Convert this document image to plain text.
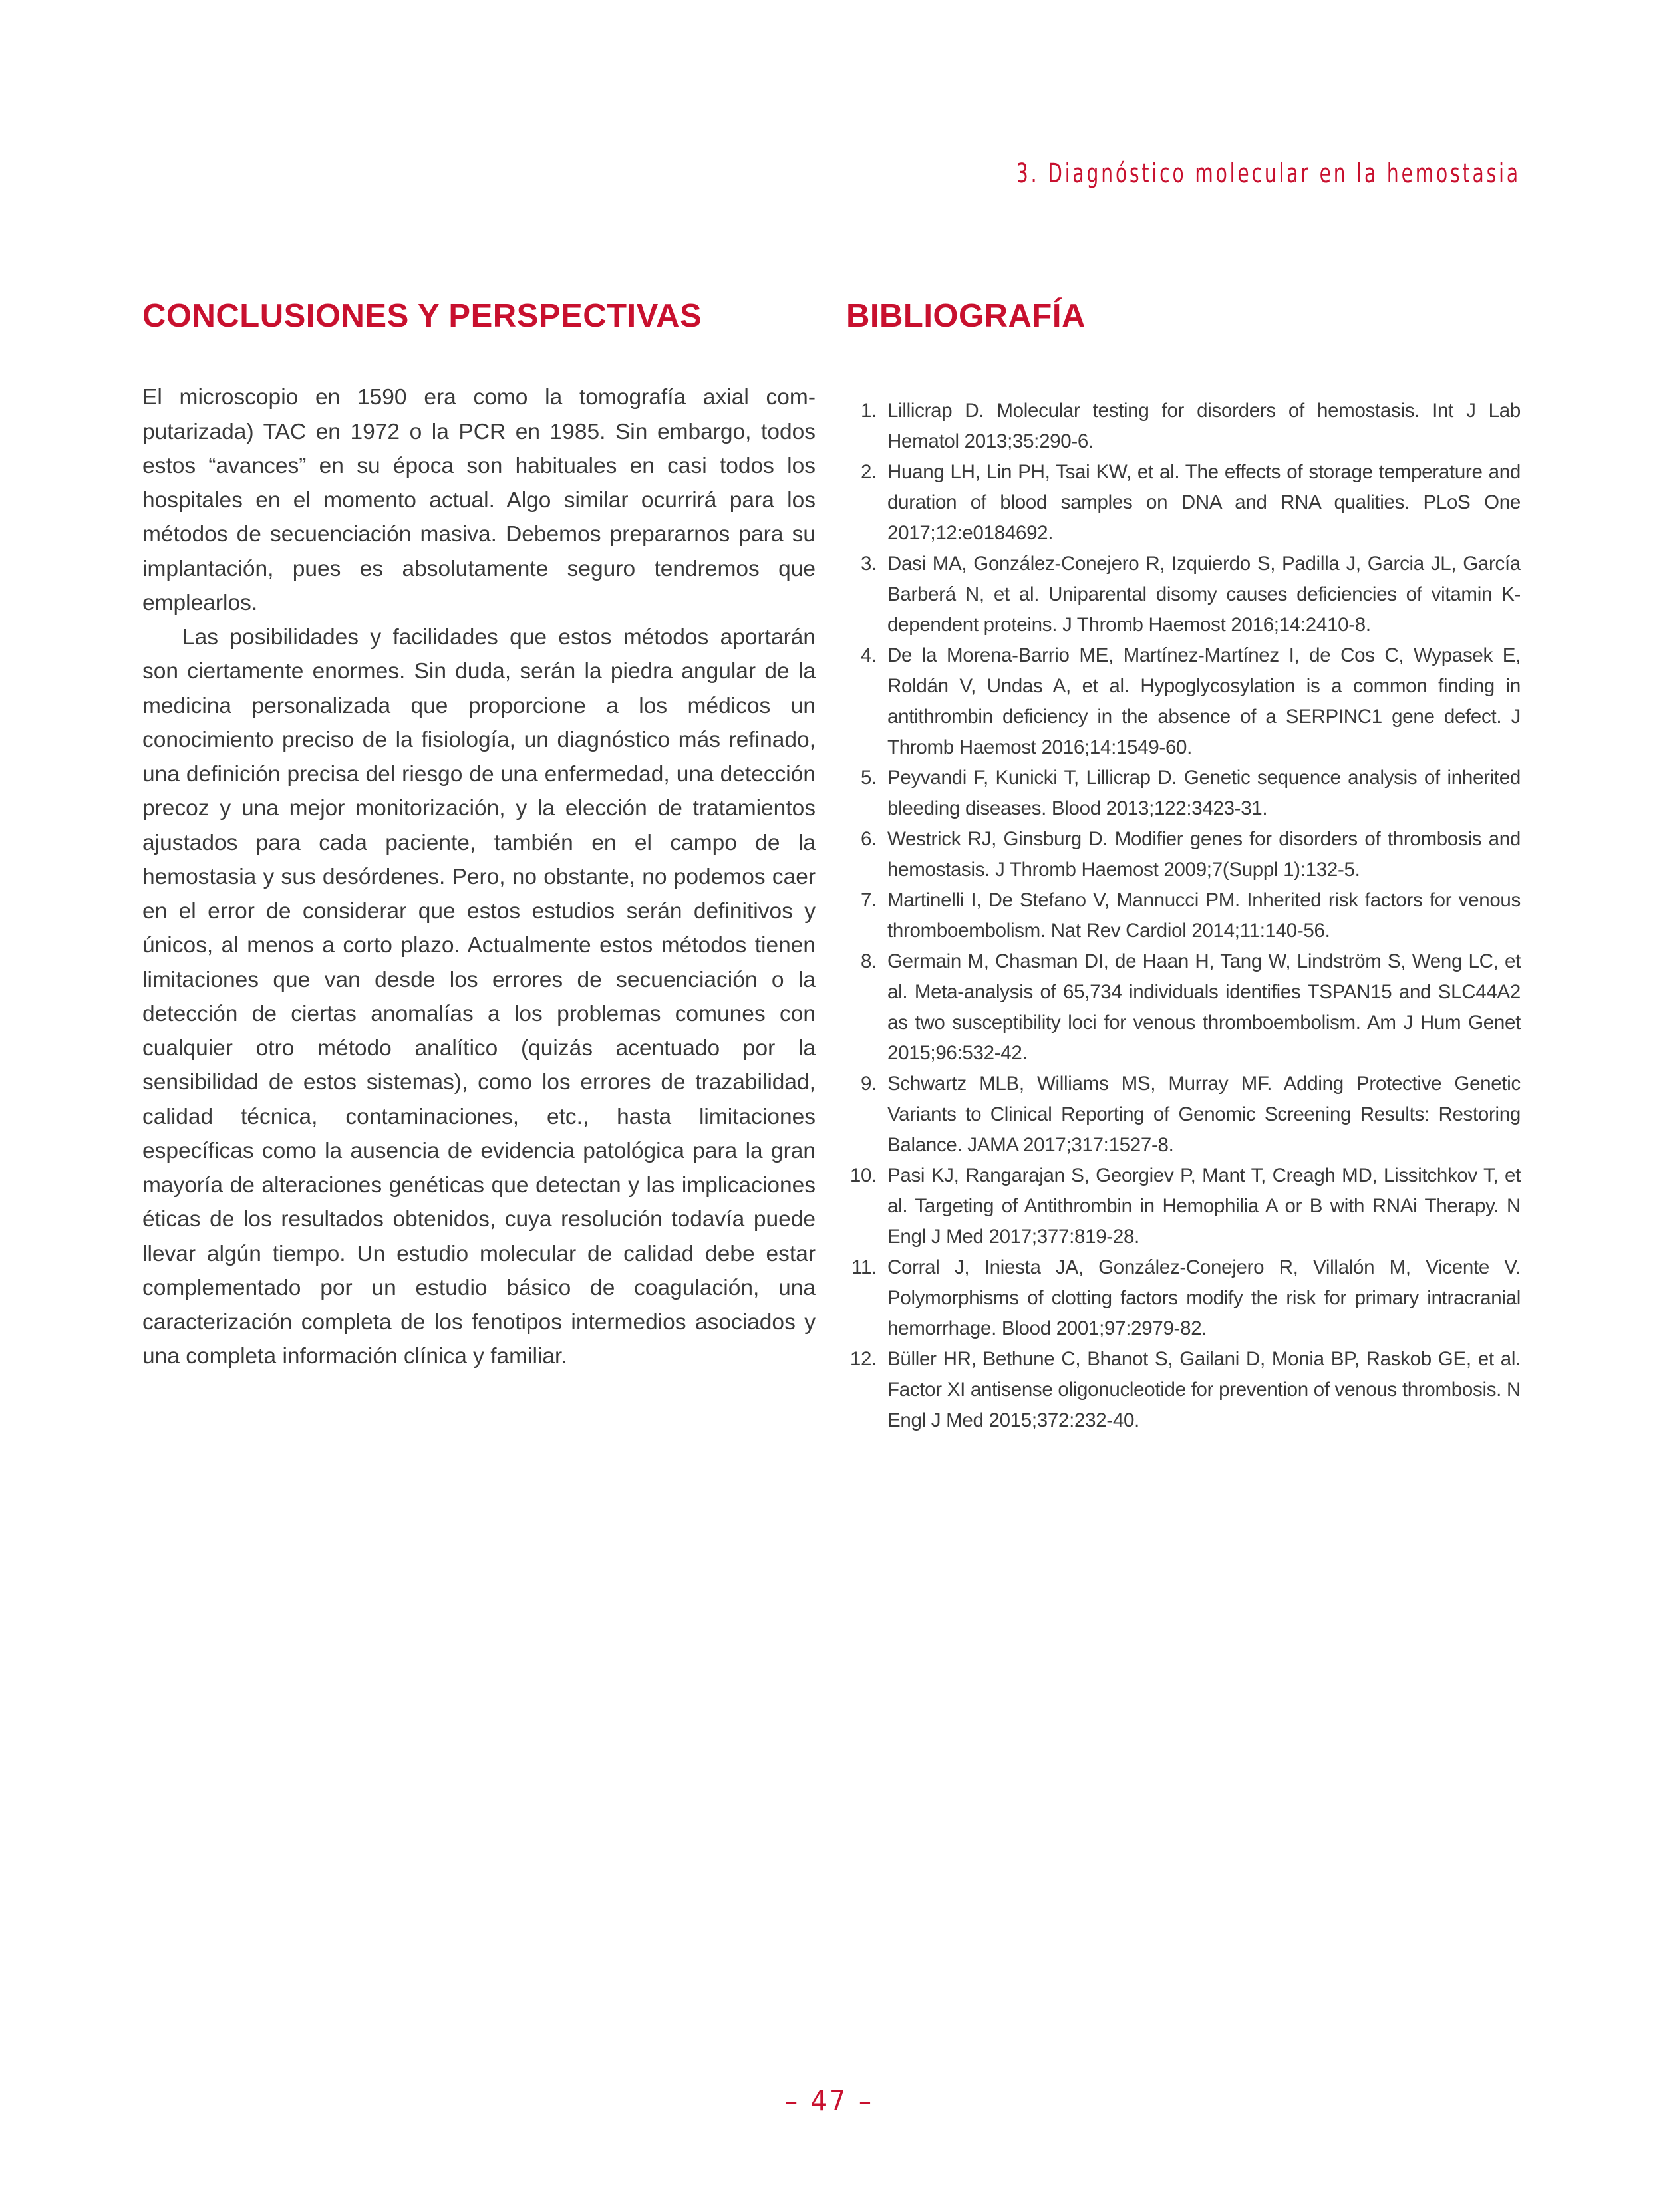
3. Diagnóstico molecular en la hemostasia
CONCLUSIONES Y PERSPECTIVAS

El microscopio en 1590 era como la tomografía axial computarizada) TAC en 1972 o la PCR en 1985. Sin embargo, todos estos “avances” en su época son habituales en casi todos los hospitales en el momento actual. Algo similar ocurrirá para los métodos de secuenciación masiva. Debemos prepararnos para su implantación, pues es absolutamente seguro tendremos que emplearlos.

Las posibilidades y facilidades que estos métodos aportarán son ciertamente enormes. Sin duda, serán la piedra angular de la medicina personalizada que proporcione a los médicos un conocimiento preciso de la fisiología, un diagnóstico más refinado, una definición precisa del riesgo de una enfermedad, una detección precoz y una mejor monitorización, y la elección de tratamientos ajustados para cada paciente, también en el campo de la hemostasia y sus desórdenes. Pero, no obstante, no podemos caer en el error de considerar que estos estudios serán definitivos y únicos, al menos a corto plazo. Actualmente estos métodos tienen limitaciones que van desde los errores de secuenciación o la detección de ciertas anomalías a los problemas comunes con cualquier otro método analítico (quizás acentuado por la sensibilidad de estos sistemas), como los errores de trazabilidad, calidad técnica, contaminaciones, etc., hasta limitaciones específicas como la ausencia de evidencia patológica para la gran mayoría de alteraciones genéticas que detectan y las implicaciones éticas de los resultados obtenidos, cuya resolución todavía puede llevar algún tiempo. Un estudio molecular de calidad debe estar complementado por un estudio básico de coagulación, una caracterización completa de los fenotipos intermedios asociados y una completa información clínica y familiar.

BIBLIOGRAFÍA
1. Lillicrap D. Molecular testing for disorders of hemostasis. Int J Lab Hematol 2013;35:290-6.
2. Huang LH, Lin PH, Tsai KW, et al. The effects of storage temperature and duration of blood samples on DNA and RNA qualities. PLoS One 2017;12:e0184692.
3. Dasi MA, González-Conejero R, Izquierdo S, Padilla J, Garcia JL, García Barberá N, et al. Uniparental disomy causes deficiencies of vitamin K-dependent proteins. J Thromb Haemost 2016;14:2410-8.
4. De la Morena-Barrio ME, Martínez-Martínez I, de Cos C, Wypasek E, Roldán V, Undas A, et al. Hypoglycosylation is a common finding in antithrombin deficiency in the absence of a SERPINC1 gene defect. J Thromb Haemost 2016;14:1549-60.
5. Peyvandi F, Kunicki T, Lillicrap D. Genetic sequence analysis of inherited bleeding diseases. Blood 2013;122:3423-31.
6. Westrick RJ, Ginsburg D. Modifier genes for disorders of thrombosis and hemostasis. J Thromb Haemost 2009;7(Suppl 1):132-5.
7. Martinelli I, De Stefano V, Mannucci PM. Inherited risk factors for venous thromboembolism. Nat Rev Cardiol 2014;11:140-56.
8. Germain M, Chasman DI, de Haan H, Tang W, Lindström S, Weng LC, et al. Meta-analysis of 65,734 individuals identifies TSPAN15 and SLC44A2 as two susceptibility loci for venous thromboembolism. Am J Hum Genet 2015;96:532-42.
9. Schwartz MLB, Williams MS, Murray MF. Adding Protective Genetic Variants to Clinical Reporting of Genomic Screening Results: Restoring Balance. JAMA 2017;317:1527-8.
10. Pasi KJ, Rangarajan S, Georgiev P, Mant T, Creagh MD, Lissitchkov T, et al. Targeting of Antithrombin in Hemophilia A or B with RNAi Therapy. N Engl J Med 2017;377:819-28.
11. Corral J, Iniesta JA, González-Conejero R, Villalón M, Vicente V. Polymorphisms of clotting factors modify the risk for primary intracranial hemorrhage. Blood 2001;97:2979-82.
12. Büller HR, Bethune C, Bhanot S, Gailani D, Monia BP, Raskob GE, et al. Factor XI antisense oligonucleotide for prevention of venous thrombosis. N Engl J Med 2015;372:232-40.
– 47 –
